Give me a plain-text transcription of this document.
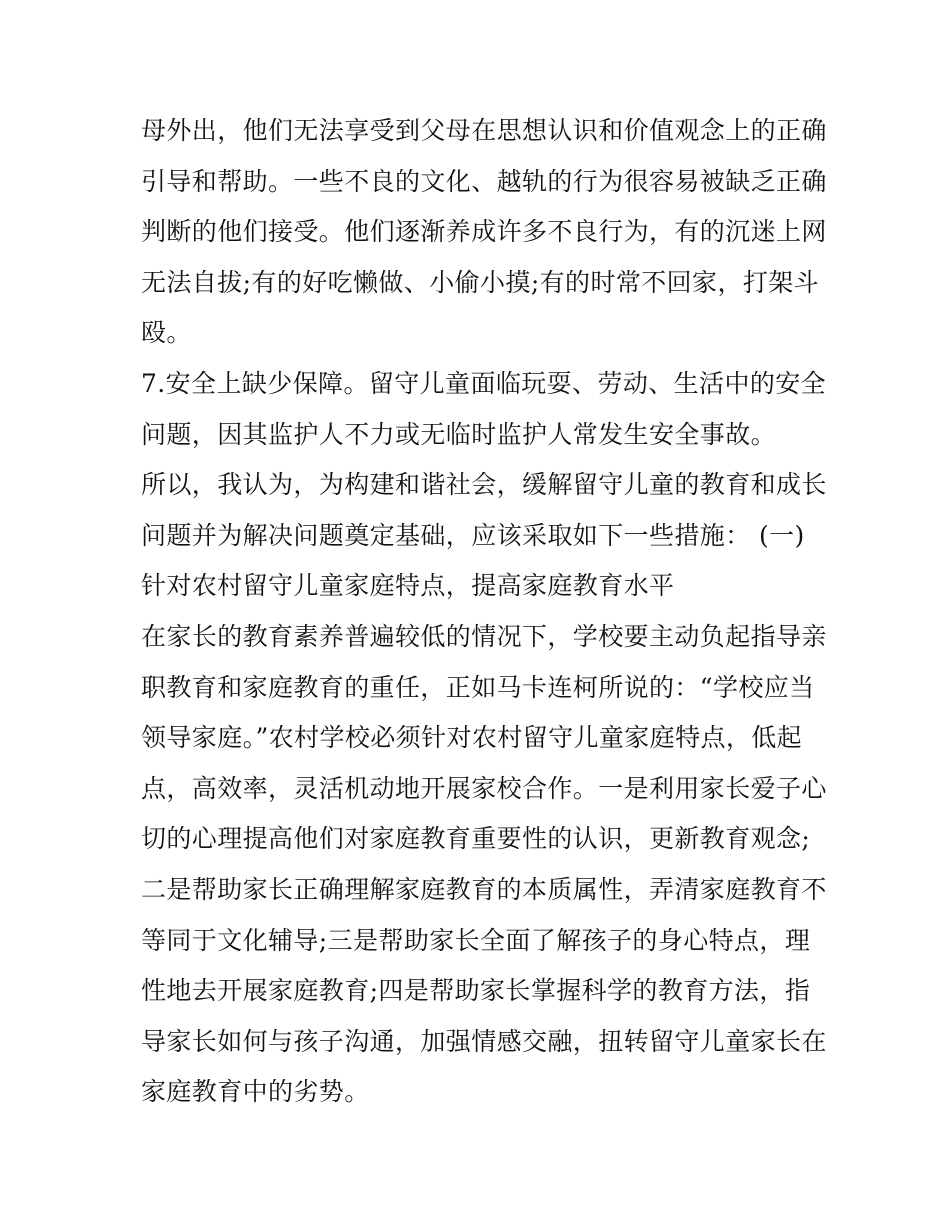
母外出，他们无法享受到父母在思想认识和价值观念上的正确
引导和帮助。一些不良的文化、越轨的行为很容易被缺乏正确
判断的他们接受。他们逐渐养成许多不良行为，有的沉迷上网
无法自拔;有的好吃懒做、小偷小摸;有的时常不回家，打架斗
殴。
7.安全上缺少保障。留守儿童面临玩耍、劳动、生活中的安全
问题，因其监护人不力或无临时监护人常发生安全事故。
所以，我认为，为构建和谐社会，缓解留守儿童的教育和成长
问题并为解决问题奠定基础，应该采取如下一些措施： (一)
针对农村留守儿童家庭特点，提高家庭教育水平
在家长的教育素养普遍较低的情况下，学校要主动负起指导亲
职教育和家庭教育的重任，正如马卡连柯所说的：“学校应当
领导家庭。”农村学校必须针对农村留守儿童家庭特点，低起
点，高效率，灵活机动地开展家校合作。一是利用家长爱子心
切的心理提高他们对家庭教育重要性的认识，更新教育观念;
二是帮助家长正确理解家庭教育的本质属性，弄清家庭教育不
等同于文化辅导;三是帮助家长全面了解孩子的身心特点，理
性地去开展家庭教育;四是帮助家长掌握科学的教育方法，指
导家长如何与孩子沟通，加强情感交融，扭转留守儿童家长在
家庭教育中的劣势。
